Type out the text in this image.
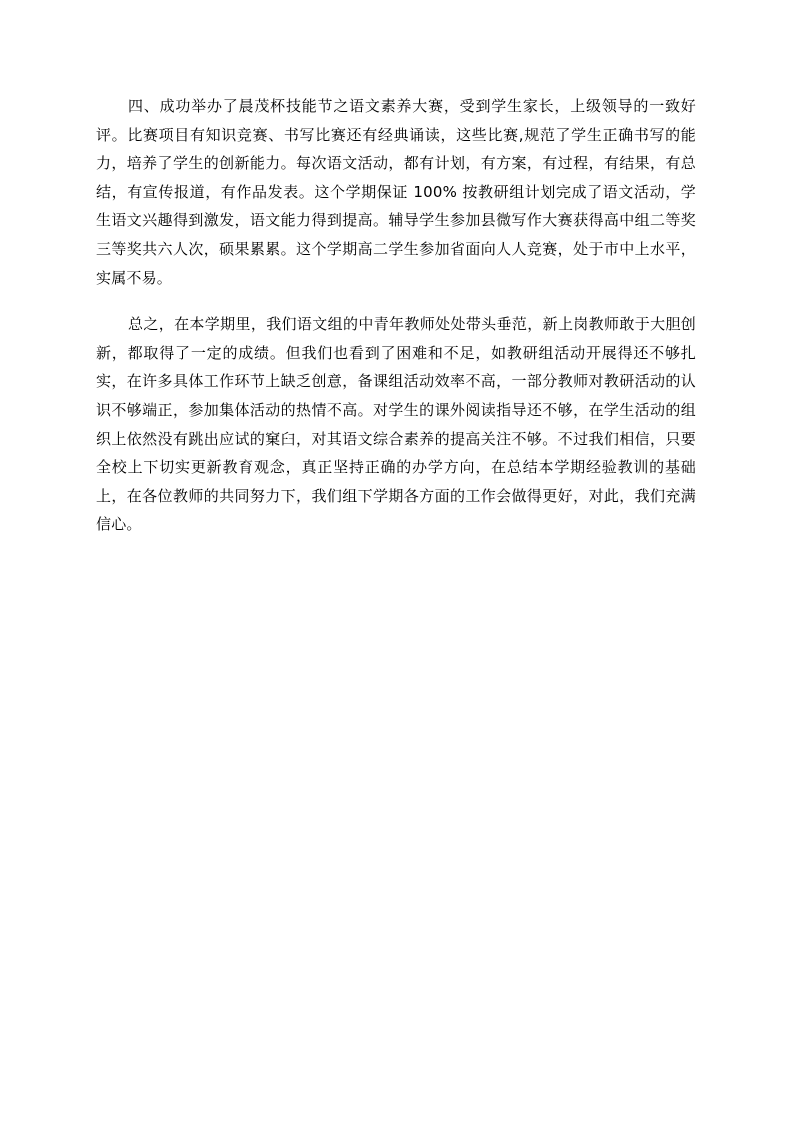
四、成功举办了晨茂杯技能节之语文素养大赛，受到学生家长，上级领导的一致好评。比赛项目有知识竞赛、书写比赛还有经典诵读，这些比赛,规范了学生正确书写的能力，培养了学生的创新能力。每次语文活动，都有计划，有方案，有过程，有结果，有总结，有宣传报道，有作品发表。这个学期保证 100% 按教研组计划完成了语文活动，学生语文兴趣得到激发，语文能力得到提高。辅导学生参加县微写作大赛获得高中组二等奖三等奖共六人次，硕果累累。这个学期高二学生参加省面向人人竞赛，处于市中上水平，实属不易。

总之，在本学期里，我们语文组的中青年教师处处带头垂范，新上岗教师敢于大胆创新，都取得了一定的成绩。但我们也看到了困难和不足，如教研组活动开展得还不够扎实，在许多具体工作环节上缺乏创意，备课组活动效率不高，一部分教师对教研活动的认识不够端正，参加集体活动的热情不高。对学生的课外阅读指导还不够，在学生活动的组织上依然没有跳出应试的窠臼，对其语文综合素养的提高关注不够。不过我们相信，只要全校上下切实更新教育观念，真正坚持正确的办学方向，在总结本学期经验教训的基础上，在各位教师的共同努力下，我们组下学期各方面的工作会做得更好，对此，我们充满信心。
